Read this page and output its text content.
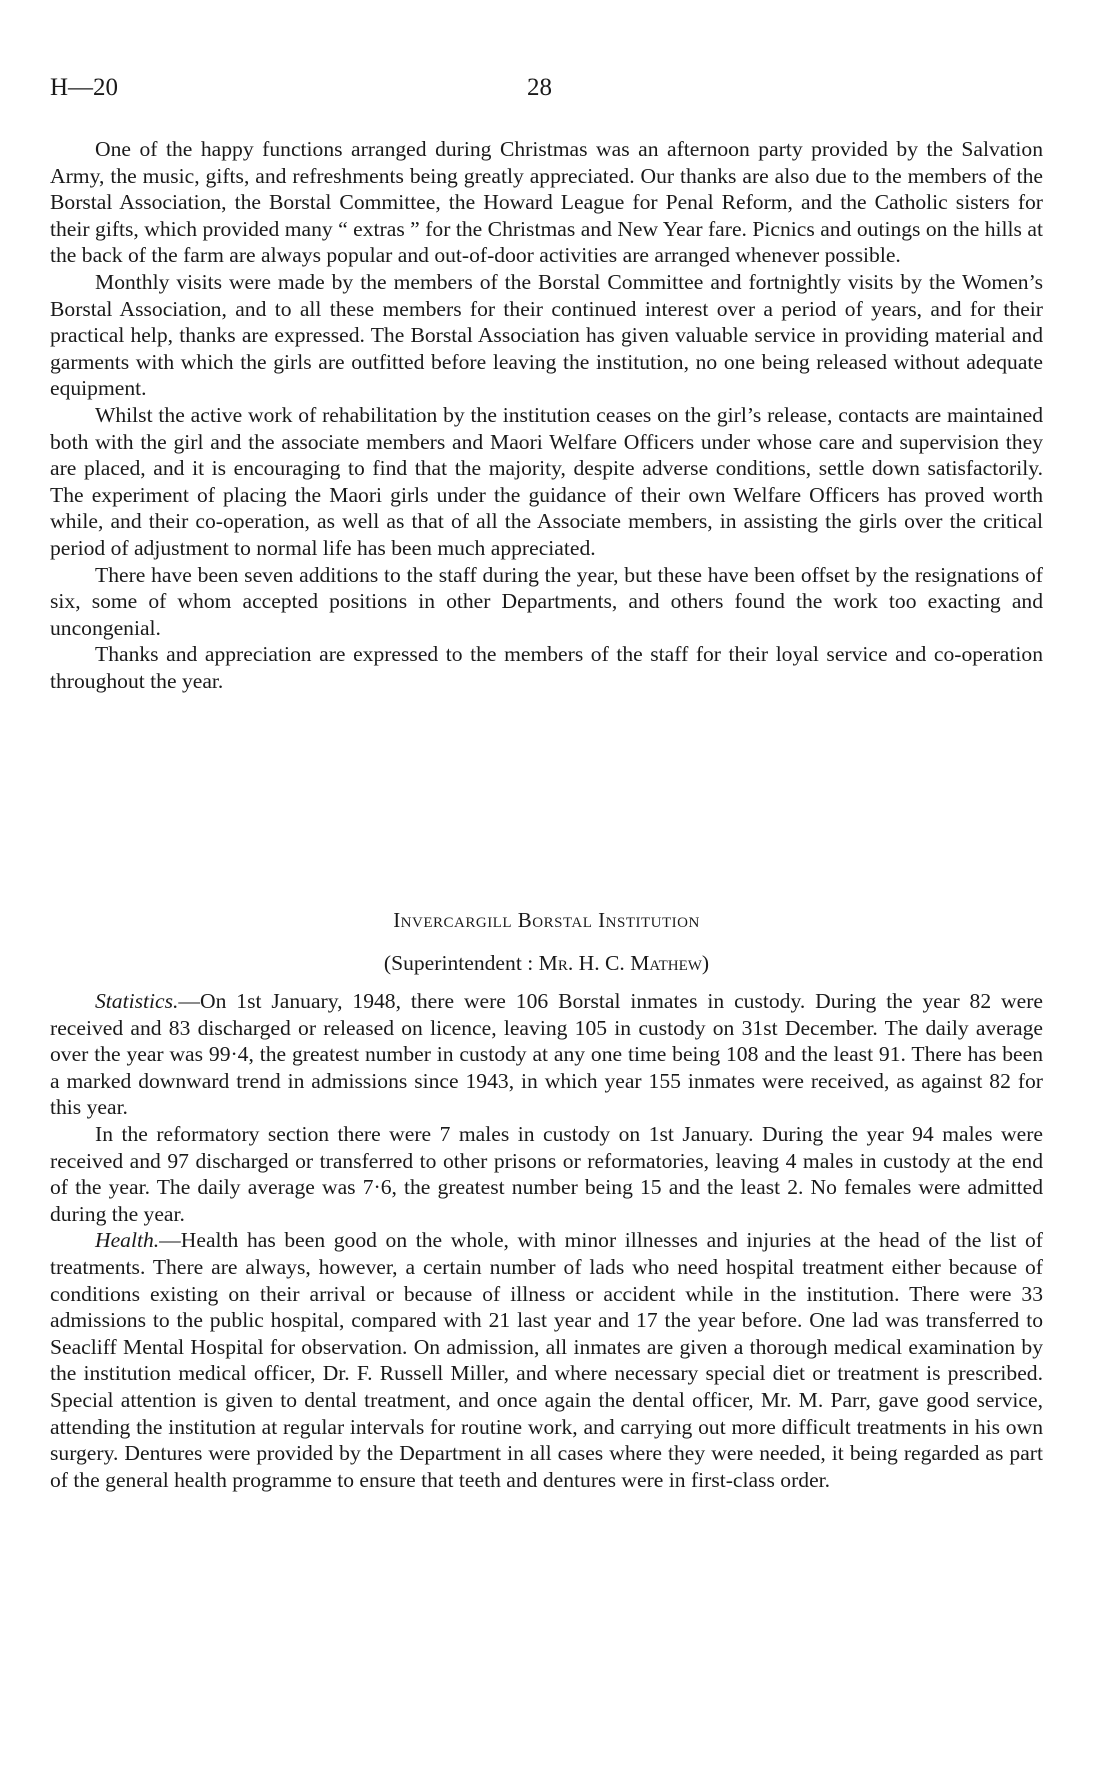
H—20	28

One of the happy functions arranged during Christmas was an afternoon party provided by the Salvation Army, the music, gifts, and refreshments being greatly appreciated. Our thanks are also due to the members of the Borstal Association, the Borstal Committee, the Howard League for Penal Reform, and the Catholic sisters for their gifts, which provided many “ extras ” for the Christmas and New Year fare. Picnics and outings on the hills at the back of the farm are always popular and out-of-door activities are arranged whenever possible.

Monthly visits were made by the members of the Borstal Committee and fortnightly visits by the Women’s Borstal Association, and to all these members for their continued interest over a period of years, and for their practical help, thanks are expressed. The Borstal Association has given valuable service in providing material and garments with which the girls are outfitted before leaving the institution, no one being released without adequate equipment.

Whilst the active work of rehabilitation by the institution ceases on the girl’s release, contacts are maintained both with the girl and the associate members and Maori Welfare Officers under whose care and supervision they are placed, and it is encouraging to find that the majority, despite adverse conditions, settle down satisfactorily. The experiment of placing the Maori girls under the guidance of their own Welfare Officers has proved worth while, and their co-operation, as well as that of all the Associate members, in assisting the girls over the critical period of adjustment to normal life has been much appreciated.

There have been seven additions to the staff during the year, but these have been offset by the resignations of six, some of whom accepted positions in other Departments, and others found the work too exacting and uncongenial.

Thanks and appreciation are expressed to the members of the staff for their loyal service and co-operation throughout the year.

Invercargill Borstal Institution
(Superintendent : Mr. H. C. Mathew)

Statistics.—On 1st January, 1948, there were 106 Borstal inmates in custody. During the year 82 were received and 83 discharged or released on licence, leaving 105 in custody on 31st December. The daily average over the year was 99·4, the greatest number in custody at any one time being 108 and the least 91. There has been a marked downward trend in admissions since 1943, in which year 155 inmates were received, as against 82 for this year.

In the reformatory section there were 7 males in custody on 1st January. During the year 94 males were received and 97 discharged or transferred to other prisons or reformatories, leaving 4 males in custody at the end of the year. The daily average was 7·6, the greatest number being 15 and the least 2. No females were admitted during the year.

Health.—Health has been good on the whole, with minor illnesses and injuries at the head of the list of treatments. There are always, however, a certain number of lads who need hospital treatment either because of conditions existing on their arrival or because of illness or accident while in the institution. There were 33 admissions to the public hospital, compared with 21 last year and 17 the year before. One lad was transferred to Seacliff Mental Hospital for observation. On admission, all inmates are given a thorough medical examination by the institution medical officer, Dr. F. Russell Miller, and where necessary special diet or treatment is prescribed. Special attention is given to dental treatment, and once again the dental officer, Mr. M. Parr, gave good service, attending the institution at regular intervals for routine work, and carrying out more difficult treatments in his own surgery. Dentures were provided by the Department in all cases where they were needed, it being regarded as part of the general health programme to ensure that teeth and dentures were in first-class order.
